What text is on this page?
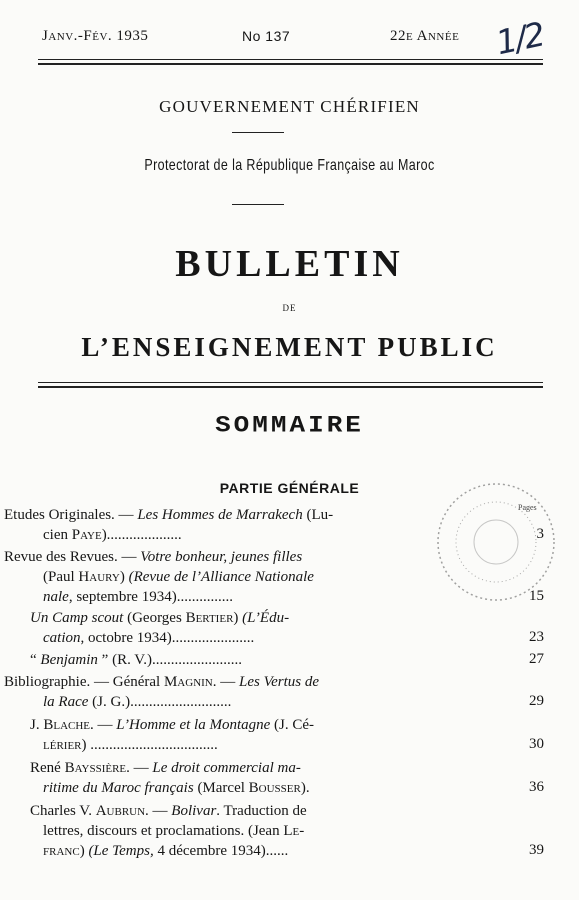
Janv.-Fév. 1935	No 137	22e Année 1/2
GOUVERNEMENT CHÉRIFIEN
Protectorat de la République Française au Maroc
BULLETIN
DE
L’ENSEIGNEMENT PUBLIC
SOMMAIRE
PARTIE GÉNÉRALE
Pages
Etudes Originales. — Les Hommes de Marrakech (Lu-
cien Paye)....................
Revue des Revues. — Votre bonheur, jeunes filles
(Paul Haury) (Revue de l’Alliance Nationale
nale, septembre 1934)...............
Un Camp scout (Georges Bertier) (L’Édu-
cation, octobre 1934)......................
“ Benjamin ” (R. V.)........................
Bibliographie. — Général Magnin. — Les Vertus de
la Race (J. G.)...........................
J. Blache. — L’Homme et la Montagne (J. Cé-
lérier) ..................................
René Bayssière. — Le droit commercial ma-
ritime du Maroc français (Marcel Bousser).
Charles V. Aubrun. — Bolivar. Traduction de
lettres, discours et proclamations. (Jean Le-
franc) (Le Temps, 4 décembre 1934)......
3
15
23
27
29
30
36
39
